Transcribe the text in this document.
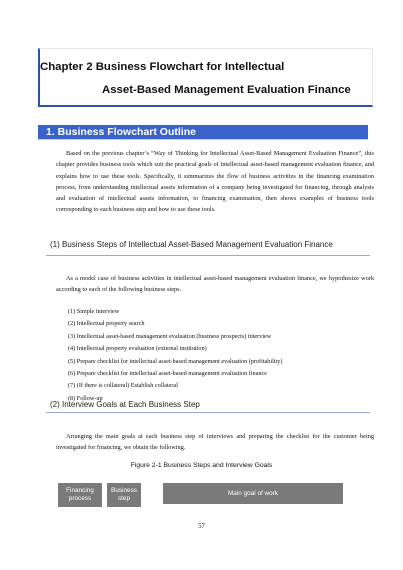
Chapter 2 Business Flowchart for Intellectual
Asset-Based Management Evaluation Finance
1. Business Flowchart Outline

Based on the previous chapter’s “Way of Thinking for Intellectual Asset-Based Management Evaluation Finance”, this chapter provides business tools which suit the practical goals of intellectual asset-based management evaluation finance, and explains how to use these tools. Specifically, it summarizes the flow of business activities in the financing examination process, from understanding intellectual assets information of a company being investigated for financing, through analysis and evaluation of intellectual assets information, to financing examination, then shows examples of business tools corresponding to each business step and how to use these tools.

(1) Business Steps of Intellectual Asset-Based Management Evaluation Finance

As a model case of business activities in intellectual asset-based management evaluation finance, we hypothesize work according to each of the following business steps.

(1) Simple interview
(2) Intellectual property search
(3) Intellectual asset-based management evaluation (business prospects) interview
(4) Intellectual property evaluation (external institution)
(5) Prepare checklist for intellectual asset-based management evaluation (profitability)
(6) Prepare checklist for intellectual asset-based management evaluation finance
(7) (If there is collateral) Establish collateral
(8) Follow-up
(2) Interview Goals at Each Business Step

Arranging the main goals at each business step of interviews and preparing the checklist for the customer being investigated for financing, we obtain the following.

Figure 2-1 Business Steps and Interview Goals
Financing process
Business step
Main goal of work
57
